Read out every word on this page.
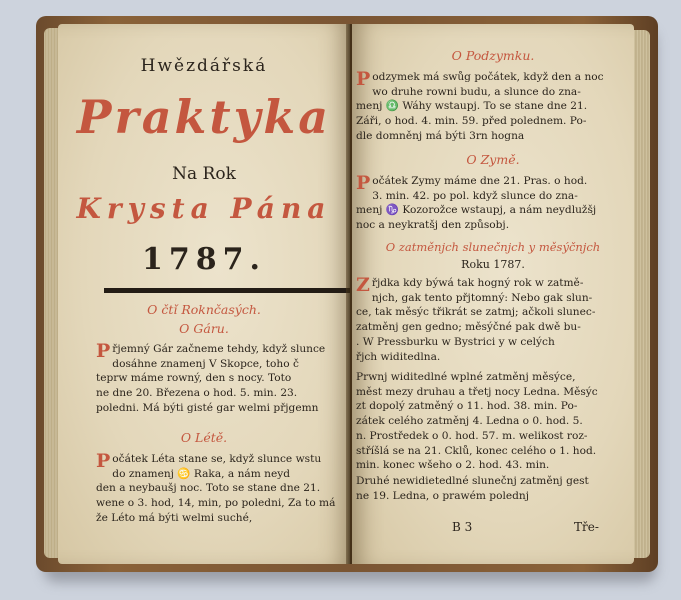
Hwězdářská
Praktyka
Na Rok
Krysta Pána
1787.
O čtǐ Roknčasých.
O Gáru.

Přjemný Gár začneme tehdy, když slunce
dosáhne znamenj V Skopce, toho č
teprw máme rowný, den s nocy. Toto
ne dne 20. Březena o hod. 5. min. 23.
poledni. Má býti gisté gar welmi přjgemn

O Létě.

Počátek Léta stane se, když slunce wstu
do znamenj ♋ Raka, a nám neyd
den a neybaušj noc. Toto se stane dne 21.
wene o 3. hod, 14, min, po poledni, Za to má
že Léto má býti welmi suché,

O Podzymku.

Podzymek má swůg počátek, když den a noc
wo druhe rowni budu, a slunce do zna-
menj ♎ Wáhy wstaupj. To se stane dne 21.
Záři, o hod. 4. min. 59. před polednem. Po-
dle domněnj má býti 3rn hogna

O Zymě.

Počátek Zymy máme dne 21. Pras. o hod.
3. min. 42. po pol. když slunce do zna-
menj ♑ Kozorožce wstaupj, a nám neydlužšj
noc a neykratšj den způsobj.

O zatměnjch slunečnjch y měsýčnjch
Roku 1787.

Zřjdka kdy býwá tak hogný rok w zatmě-
njch, gak tento přjtomný: Nebo gak slun-
ce, tak měsýc třikrát se zatmj; ačkoli slunec-
zatměnj gen gedno; měsýčné pak dwě bu-
. W Pressburku w Bystrici y w celých
řjch widitedlna.

Prwnj widitedlné wplné zatměnj měsýce,
měst mezy druhau a třetj nocy Ledna. Měsýc
zt dopolý zatměný o 11. hod. 38. min. Po-
zátek celého zatměnj 4. Ledna o 0. hod. 5.
n. Prostředek o 0. hod. 57. m. welikost roz-
stříšlá se na 21. Cklů, konec celého o 1. hod.
min. konec wšeho o 2. hod. 43. min.

Druhé newidietedlné slunečnj zatměnj gest
ne 19. Ledna, o prawém polednj

B 3	Tře-
